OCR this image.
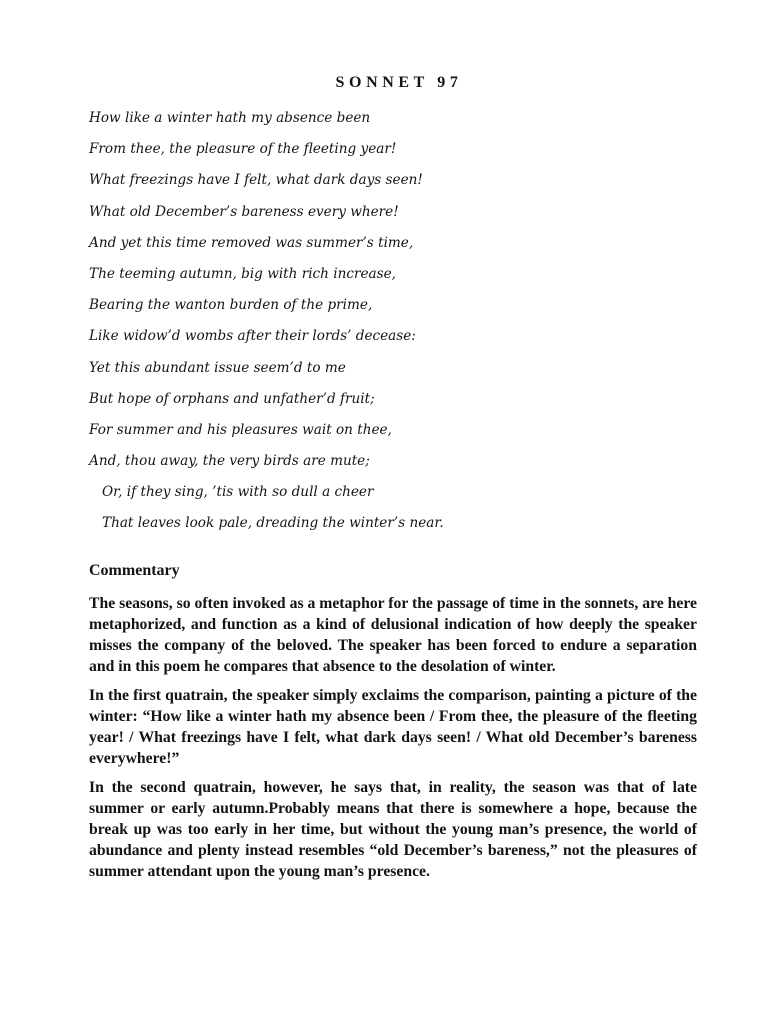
SONNET 97
How like a winter hath my absence been
From thee, the pleasure of the fleeting year!
What freezings have I felt, what dark days seen!
What old December’s bareness every where!
And yet this time removed was summer’s time,
The teeming autumn, big with rich increase,
Bearing the wanton burden of the prime,
Like widow’d wombs after their lords’ decease:
Yet this abundant issue seem’d to me
But hope of orphans and unfather’d fruit;
For summer and his pleasures wait on thee,
And, thou away, the very birds are mute;
Or, if they sing, ’tis with so dull a cheer
That leaves look pale, dreading the winter’s near.
Commentary

The seasons, so often invoked as a metaphor for the passage of time in the sonnets, are here metaphorized, and function as a kind of delusional indication of how deeply the speaker misses the company of the beloved. The speaker has been forced to endure a separation and in this poem he compares that absence to the desolation of winter.

In the first quatrain, the speaker simply exclaims the comparison, painting a picture of the winter: “How like a winter hath my absence been / From thee, the pleasure of the fleeting year! / What freezings have I felt, what dark days seen! / What old December’s bareness everywhere!”

In the second quatrain, however, he says that, in reality, the season was that of late summer or early autumn.Probably means that there is somewhere a hope, because the break up was too early in her time, but without the young man’s presence, the world of abundance and plenty instead resembles “old December’s bareness,” not the pleasures of summer attendant upon the young man’s presence.
